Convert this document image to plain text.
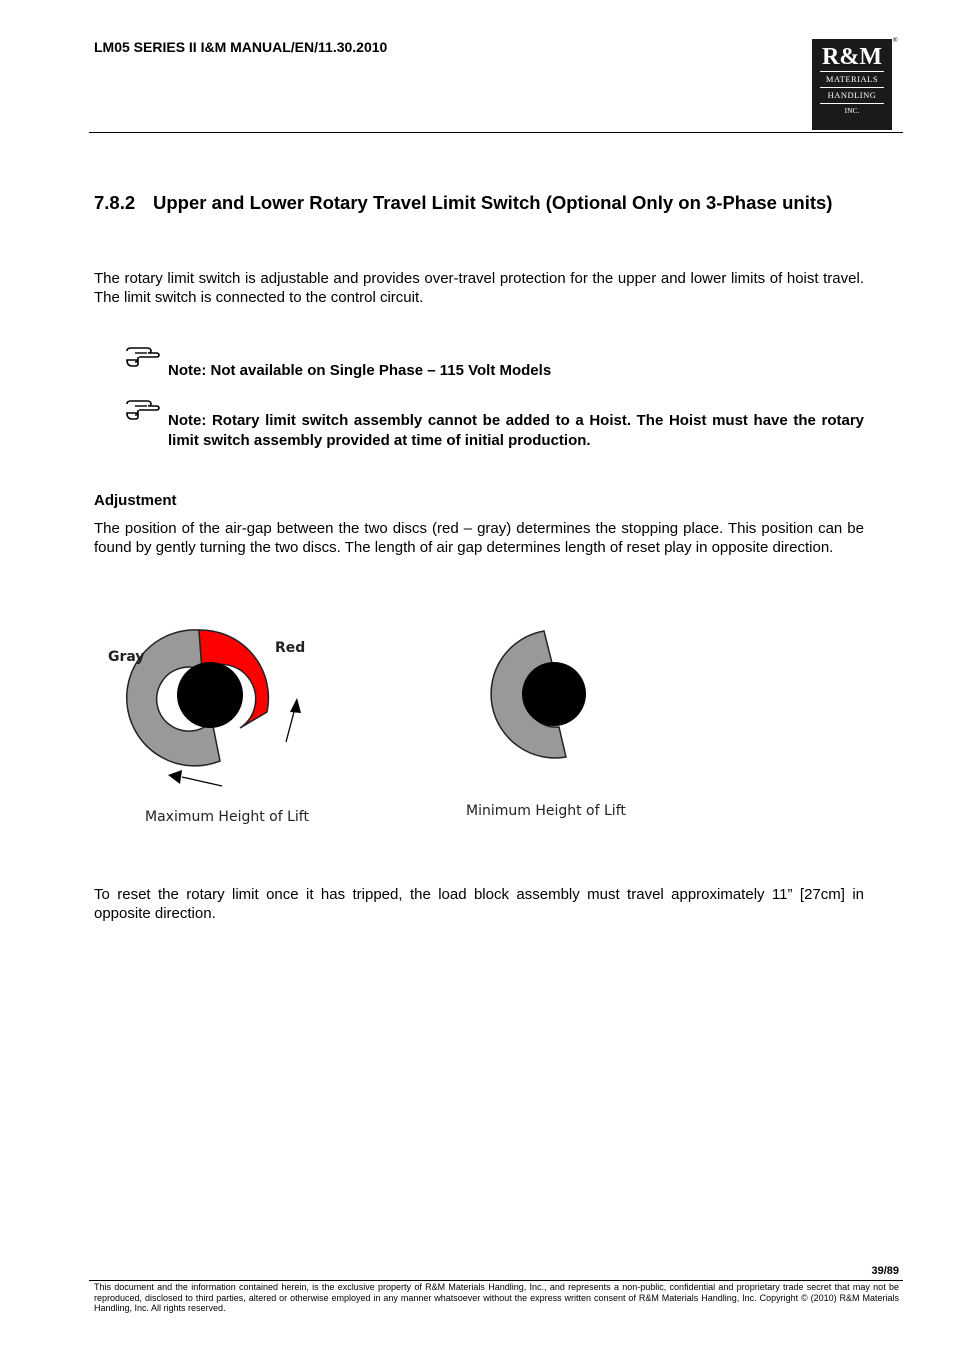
LM05 SERIES II I&M MANUAL/EN/11.30.2010	R&M
MATERIALS
HANDLING
INC.
®
7.8.2 Upper and Lower Rotary Travel Limit Switch (Optional Only on 3-Phase units)
The rotary limit switch is adjustable and provides over-travel protection for the upper and lower limits of hoist travel. The limit switch is connected to the control circuit.
Note: Not available on Single Phase – 115 Volt Models
Note: Rotary limit switch assembly cannot be added to a Hoist. The Hoist must have the rotary limit switch assembly provided at time of initial production.
Adjustment
The position of the air-gap between the two discs (red – gray) determines the stopping place. This position can be found by gently turning the two discs. The length of air gap determines length of reset play in opposite direction.
Gray
Red
Maximum Height of Lift	Minimum Height of Lift
To reset the rotary limit once it has tripped, the load block assembly must travel approximately 11” [27cm] in opposite direction.
39/89
This document and the information contained herein, is the exclusive property of R&M Materials Handling, Inc., and represents a non-public, confidential and proprietary trade secret that may not be reproduced, disclosed to third parties, altered or otherwise employed in any manner whatsoever without the express written consent of R&M Materials Handling, Inc. Copyright © (2010) R&M Materials Handling, Inc. All rights reserved.
